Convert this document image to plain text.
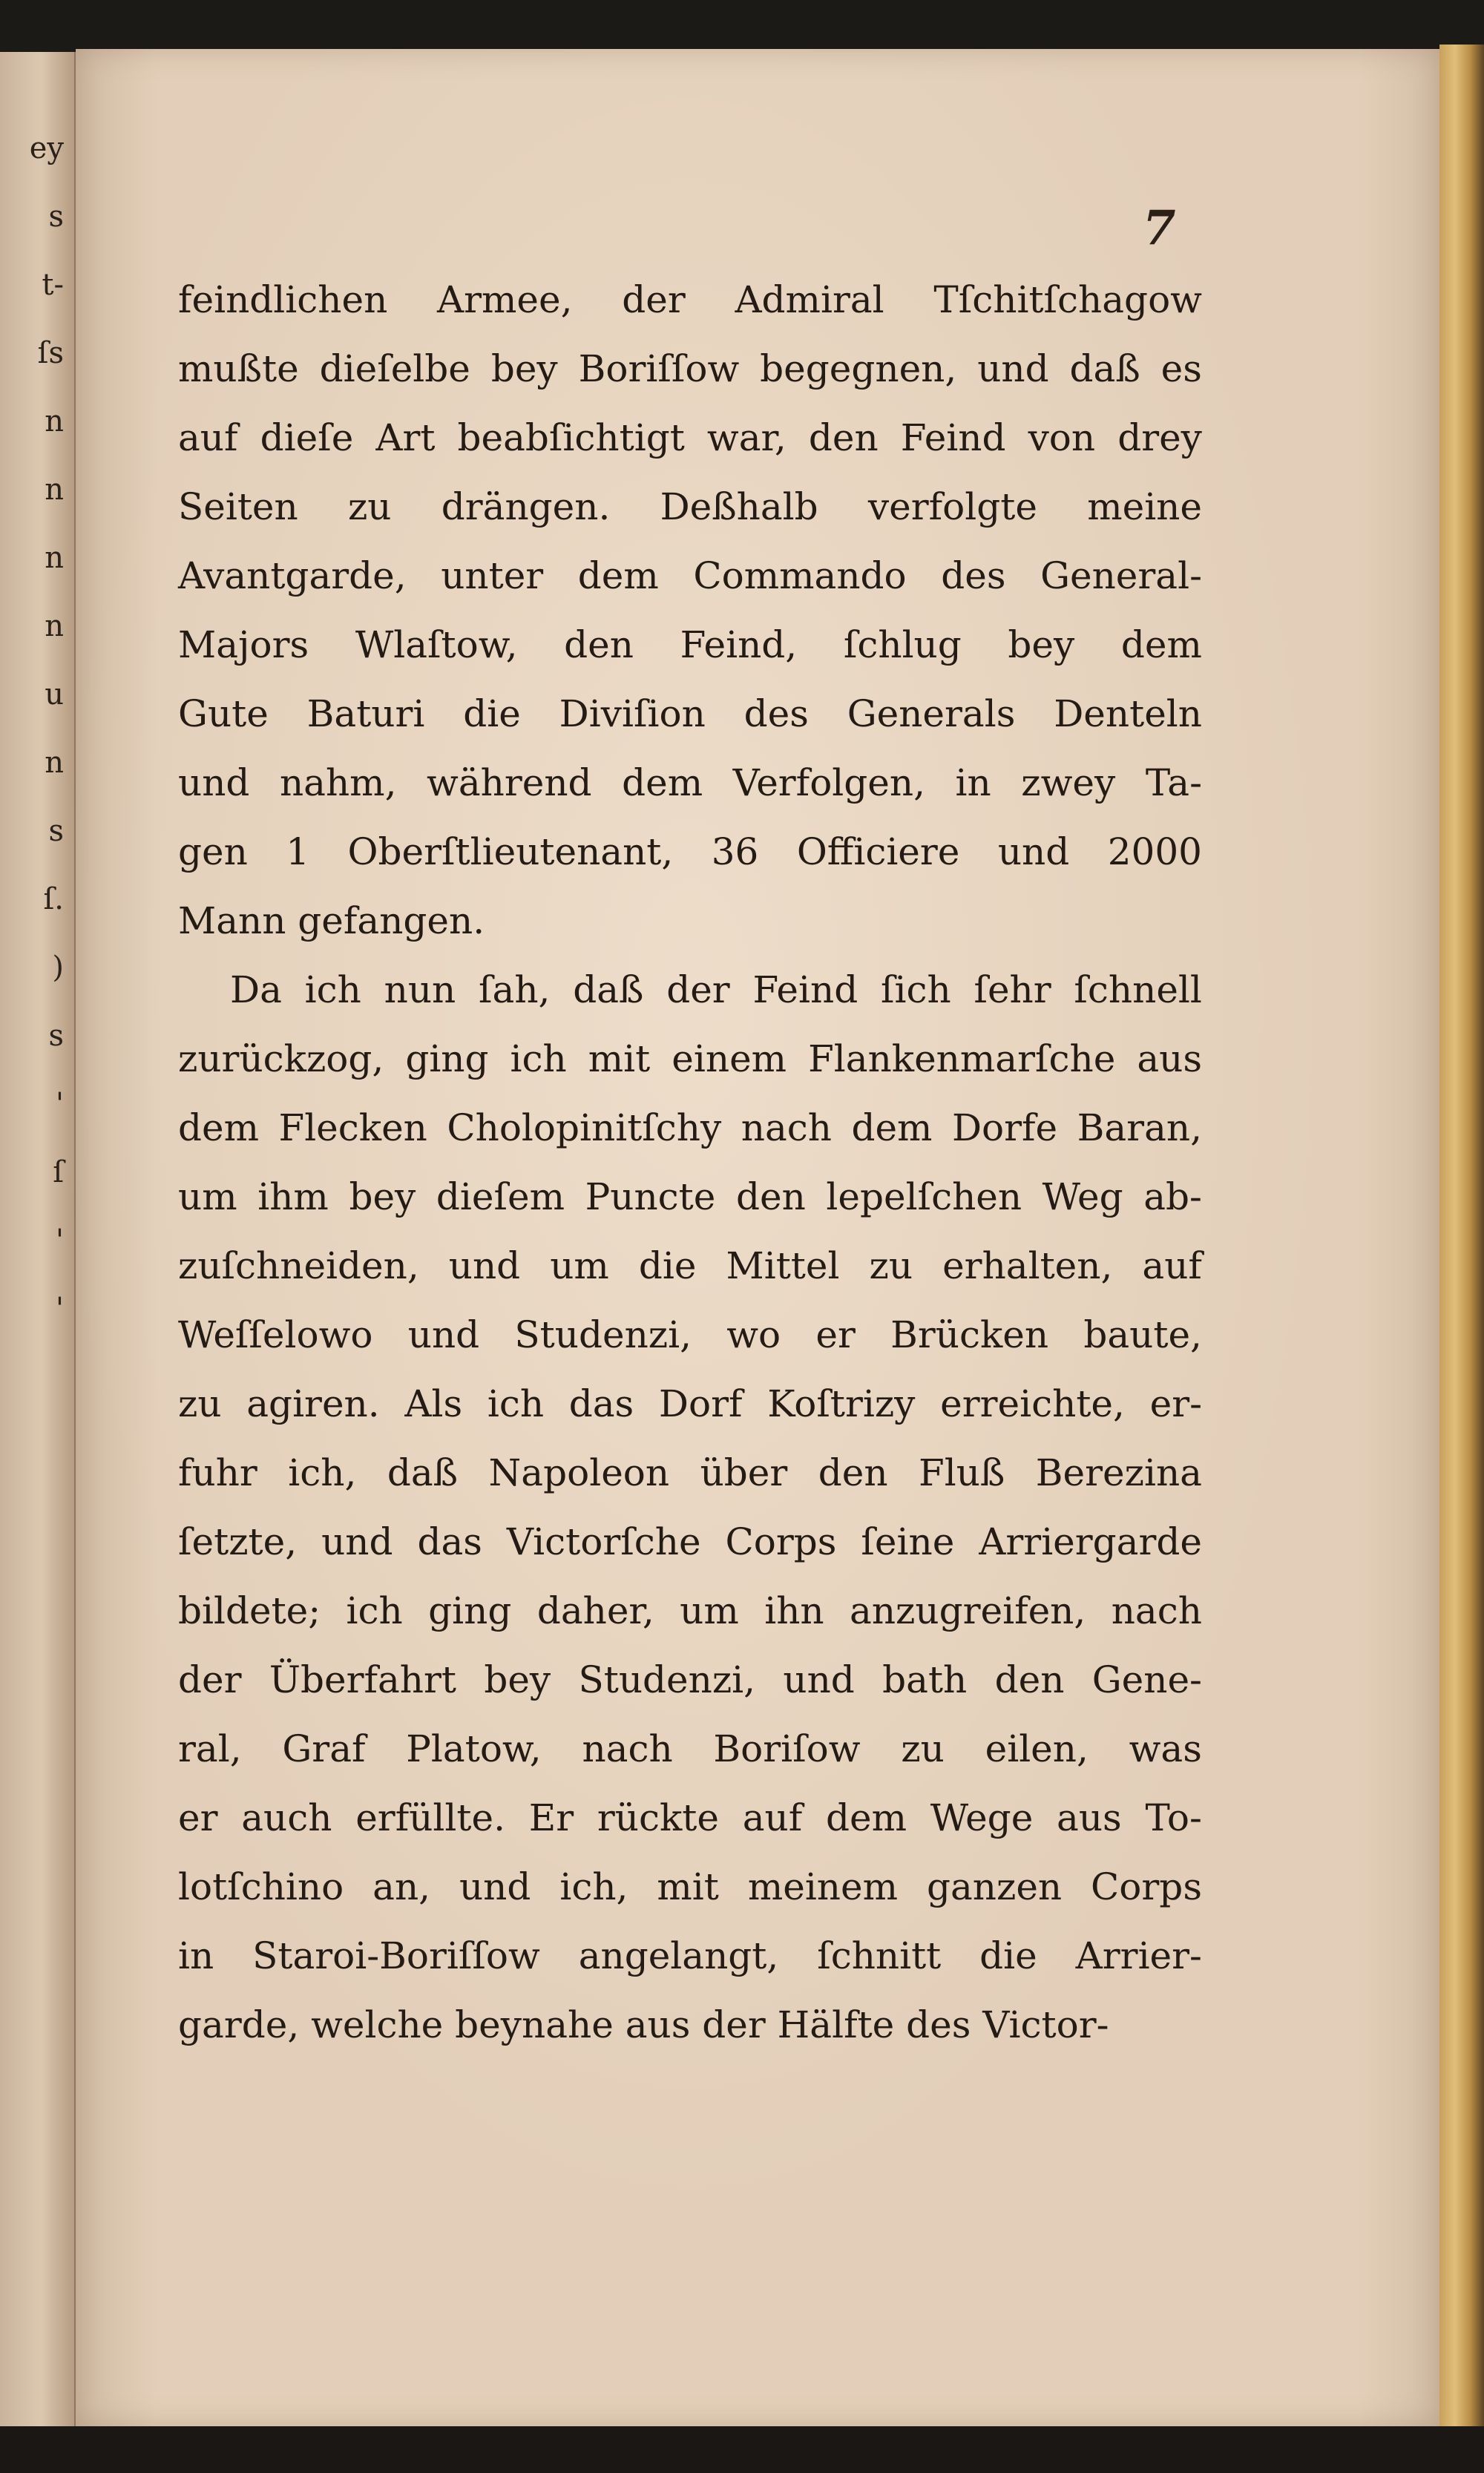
ey
s
t-
ſs
n
n
n
n
u
n
s
ſ.
)
s
'
ſ
'
'
7
feindlichen Armee, der Admiral Tſchitſchagow
mußte dieſelbe bey Boriſſow begegnen, und daß es
auf dieſe Art beabſichtigt war, den Feind von drey
Seiten zu drängen. Deßhalb verfolgte meine
Avantgarde, unter dem Commando des General-
Majors Wlaſtow, den Feind, ſchlug bey dem
Gute Baturi die Diviſion des Generals Denteln
und nahm, während dem Verfolgen, in zwey Ta-
gen 1 Oberſtlieutenant, 36 Officiere und 2000
Mann gefangen.
Da ich nun ſah, daß der Feind ſich ſehr ſchnell
zurückzog, ging ich mit einem Flankenmarſche aus
dem Flecken Cholopinitſchy nach dem Dorfe Baran,
um ihm bey dieſem Puncte den lepelſchen Weg ab-
zuſchneiden, und um die Mittel zu erhalten, auf
Weſſelowo und Studenzi, wo er Brücken baute,
zu agiren. Als ich das Dorf Koſtrizy erreichte, er-
fuhr ich, daß Napoleon über den Fluß Berezina
ſetzte, und das Victorſche Corps ſeine Arriergarde
bildete; ich ging daher, um ihn anzugreifen, nach
der Überfahrt bey Studenzi, und bath den Gene-
ral, Graf Platow, nach Boriſow zu eilen, was
er auch erfüllte. Er rückte auf dem Wege aus To-
lotſchino an, und ich, mit meinem ganzen Corps
in Staroi-Boriſſow angelangt, ſchnitt die Arrier-
garde, welche beynahe aus der Hälfte des Victor-
